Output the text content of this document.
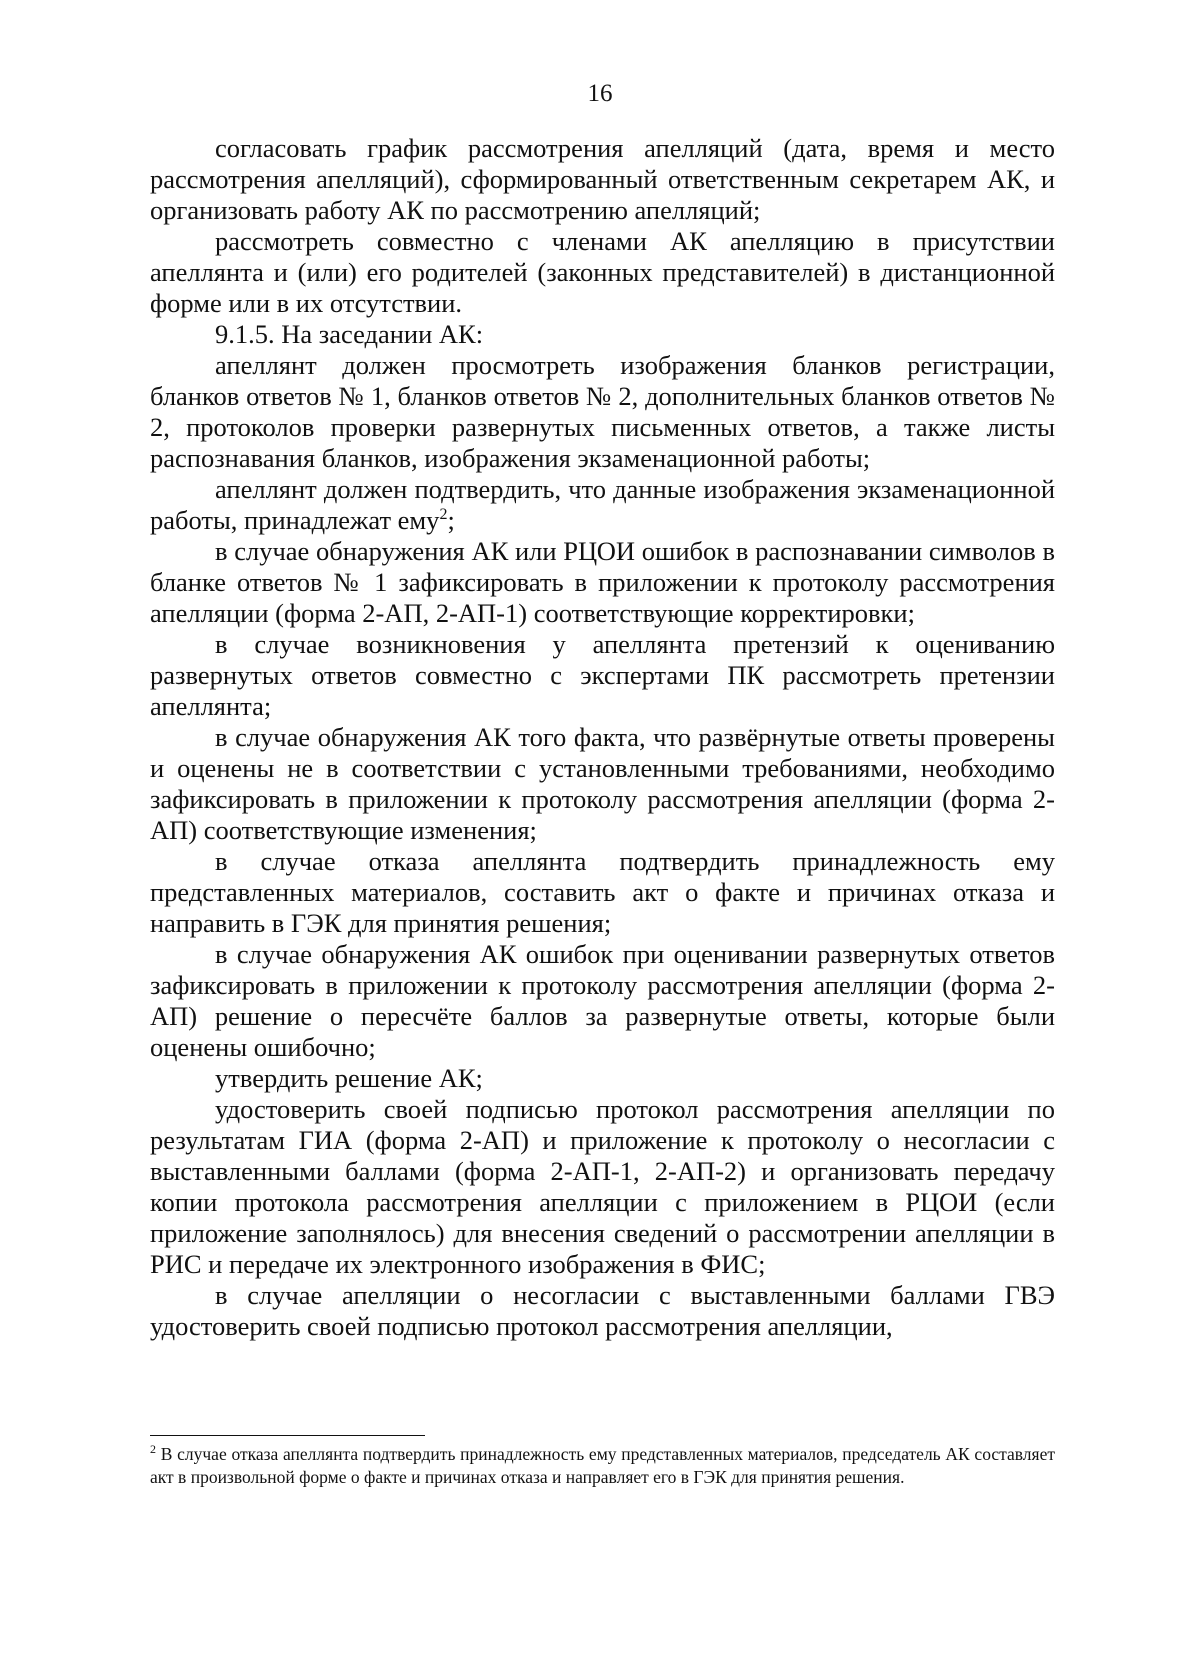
16

согласовать график рассмотрения апелляций (дата, время и место рассмотрения апелляций), сформированный ответственным секретарем АК, и организовать работу АК по рассмотрению апелляций;

рассмотреть совместно с членами АК апелляцию в присутствии апеллянта и (или) его родителей (законных представителей) в дистанционной форме или в их отсутствии.

9.1.5. На заседании АК:

апеллянт должен просмотреть изображения бланков регистрации, бланков ответов № 1, бланков ответов № 2, дополнительных бланков ответов № 2, протоколов проверки развернутых письменных ответов, а также листы распознавания бланков, изображения экзаменационной работы;

апеллянт должен подтвердить, что данные изображения экзаменационной работы, принадлежат ему$^2$;

в случае обнаружения АК или РЦОИ ошибок в распознавании символов в бланке ответов № 1 зафиксировать в приложении к протоколу рассмотрения апелляции (форма 2-АП, 2-АП-1) соответствующие корректировки;

в случае возникновения у апеллянта претензий к оцениванию развернутых ответов совместно с экспертами ПК рассмотреть претензии апеллянта;

в случае обнаружения АК того факта, что развёрнутые ответы проверены и оценены не в соответствии с установленными требованиями, необходимо зафиксировать в приложении к протоколу рассмотрения апелляции (форма 2-АП) соответствующие изменения;

в случае отказа апеллянта подтвердить принадлежность ему представленных материалов, составить акт о факте и причинах отказа и направить в ГЭК для принятия решения;

в случае обнаружения АК ошибок при оценивании развернутых ответов зафиксировать в приложении к протоколу рассмотрения апелляции (форма 2-АП) решение о пересчёте баллов за развернутые ответы, которые были оценены ошибочно;

утвердить решение АК;

удостоверить своей подписью протокол рассмотрения апелляции по результатам ГИА (форма 2-АП) и приложение к протоколу о несогласии с выставленными баллами (форма 2-АП-1, 2-АП-2) и организовать передачу копии протокола рассмотрения апелляции с приложением в РЦОИ (если приложение заполнялось) для внесения сведений о рассмотрении апелляции в РИС и передаче их электронного изображения в ФИС;

в случае апелляции о несогласии с выставленными баллами ГВЭ удостоверить своей подписью протокол рассмотрения апелляции,

$^2$ В случае отказа апеллянта подтвердить принадлежность ему представленных материалов, председатель АК составляет акт в произвольной форме о факте и причинах отказа и направляет его в ГЭК для принятия решения.
